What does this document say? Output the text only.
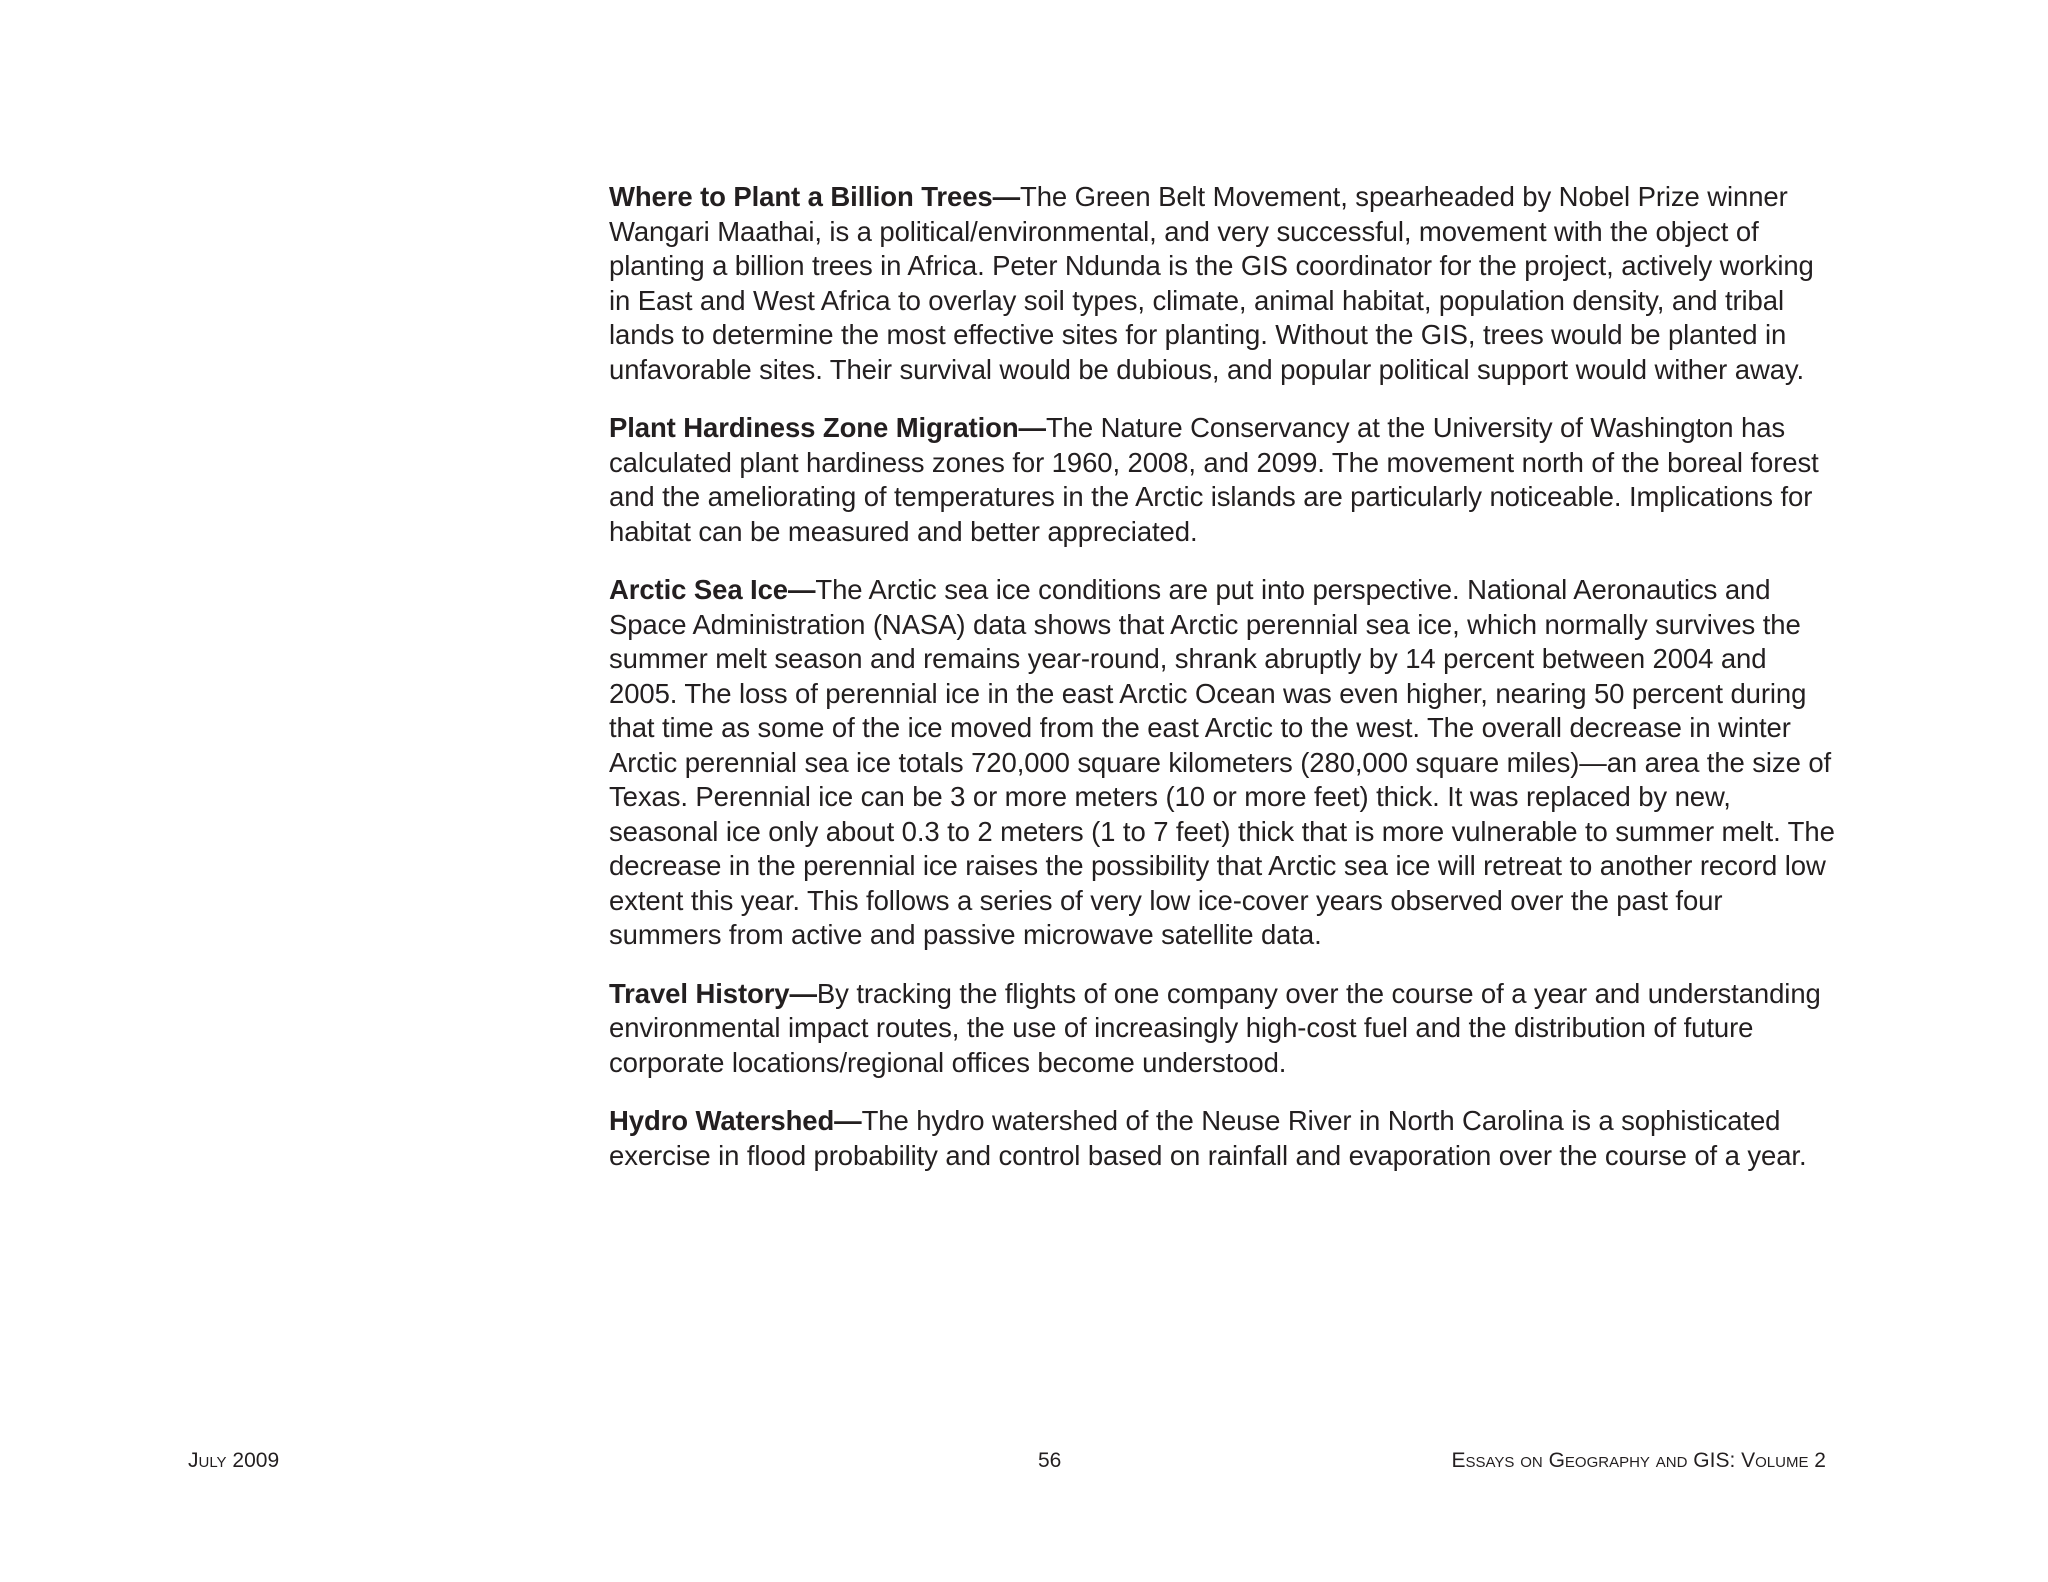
Where to Plant a Billion Trees—The Green Belt Movement, spearheaded by Nobel Prize winner Wangari Maathai, is a political/environmental, and very successful, movement with the object of planting a billion trees in Africa. Peter Ndunda is the GIS coordinator for the project, actively working in East and West Africa to overlay soil types, climate, animal habitat, population density, and tribal lands to determine the most effective sites for planting. Without the GIS, trees would be planted in unfavorable sites. Their survival would be dubious, and popular political support would wither away.

Plant Hardiness Zone Migration—The Nature Conservancy at the University of Washington has calculated plant hardiness zones for 1960, 2008, and 2099. The movement north of the boreal forest and the ameliorating of temperatures in the Arctic islands are particularly noticeable. Implications for habitat can be measured and better appreciated.

Arctic Sea Ice—The Arctic sea ice conditions are put into perspective. National Aeronautics and Space Administration (NASA) data shows that Arctic perennial sea ice, which normally survives the summer melt season and remains year-round, shrank abruptly by 14 percent between 2004 and 2005. The loss of perennial ice in the east Arctic Ocean was even higher, nearing 50 percent during that time as some of the ice moved from the east Arctic to the west. The overall decrease in winter Arctic perennial sea ice totals 720,000 square kilometers (280,000 square miles)—an area the size of Texas. Perennial ice can be 3 or more meters (10 or more feet) thick. It was replaced by new, seasonal ice only about 0.3 to 2 meters (1 to 7 feet) thick that is more vulnerable to summer melt. The decrease in the perennial ice raises the possibility that Arctic sea ice will retreat to another record low extent this year. This follows a series of very low ice-cover years observed over the past four summers from active and passive microwave satellite data.

Travel History—By tracking the flights of one company over the course of a year and understanding environmental impact routes, the use of increasingly high-cost fuel and the distribution of future corporate locations/regional offices become understood.

Hydro Watershed—The hydro watershed of the Neuse River in North Carolina is a sophisticated exercise in flood probability and control based on rainfall and evaporation over the course of a year.

July 2009	56	Essays on Geography and GIS: Volume 2
